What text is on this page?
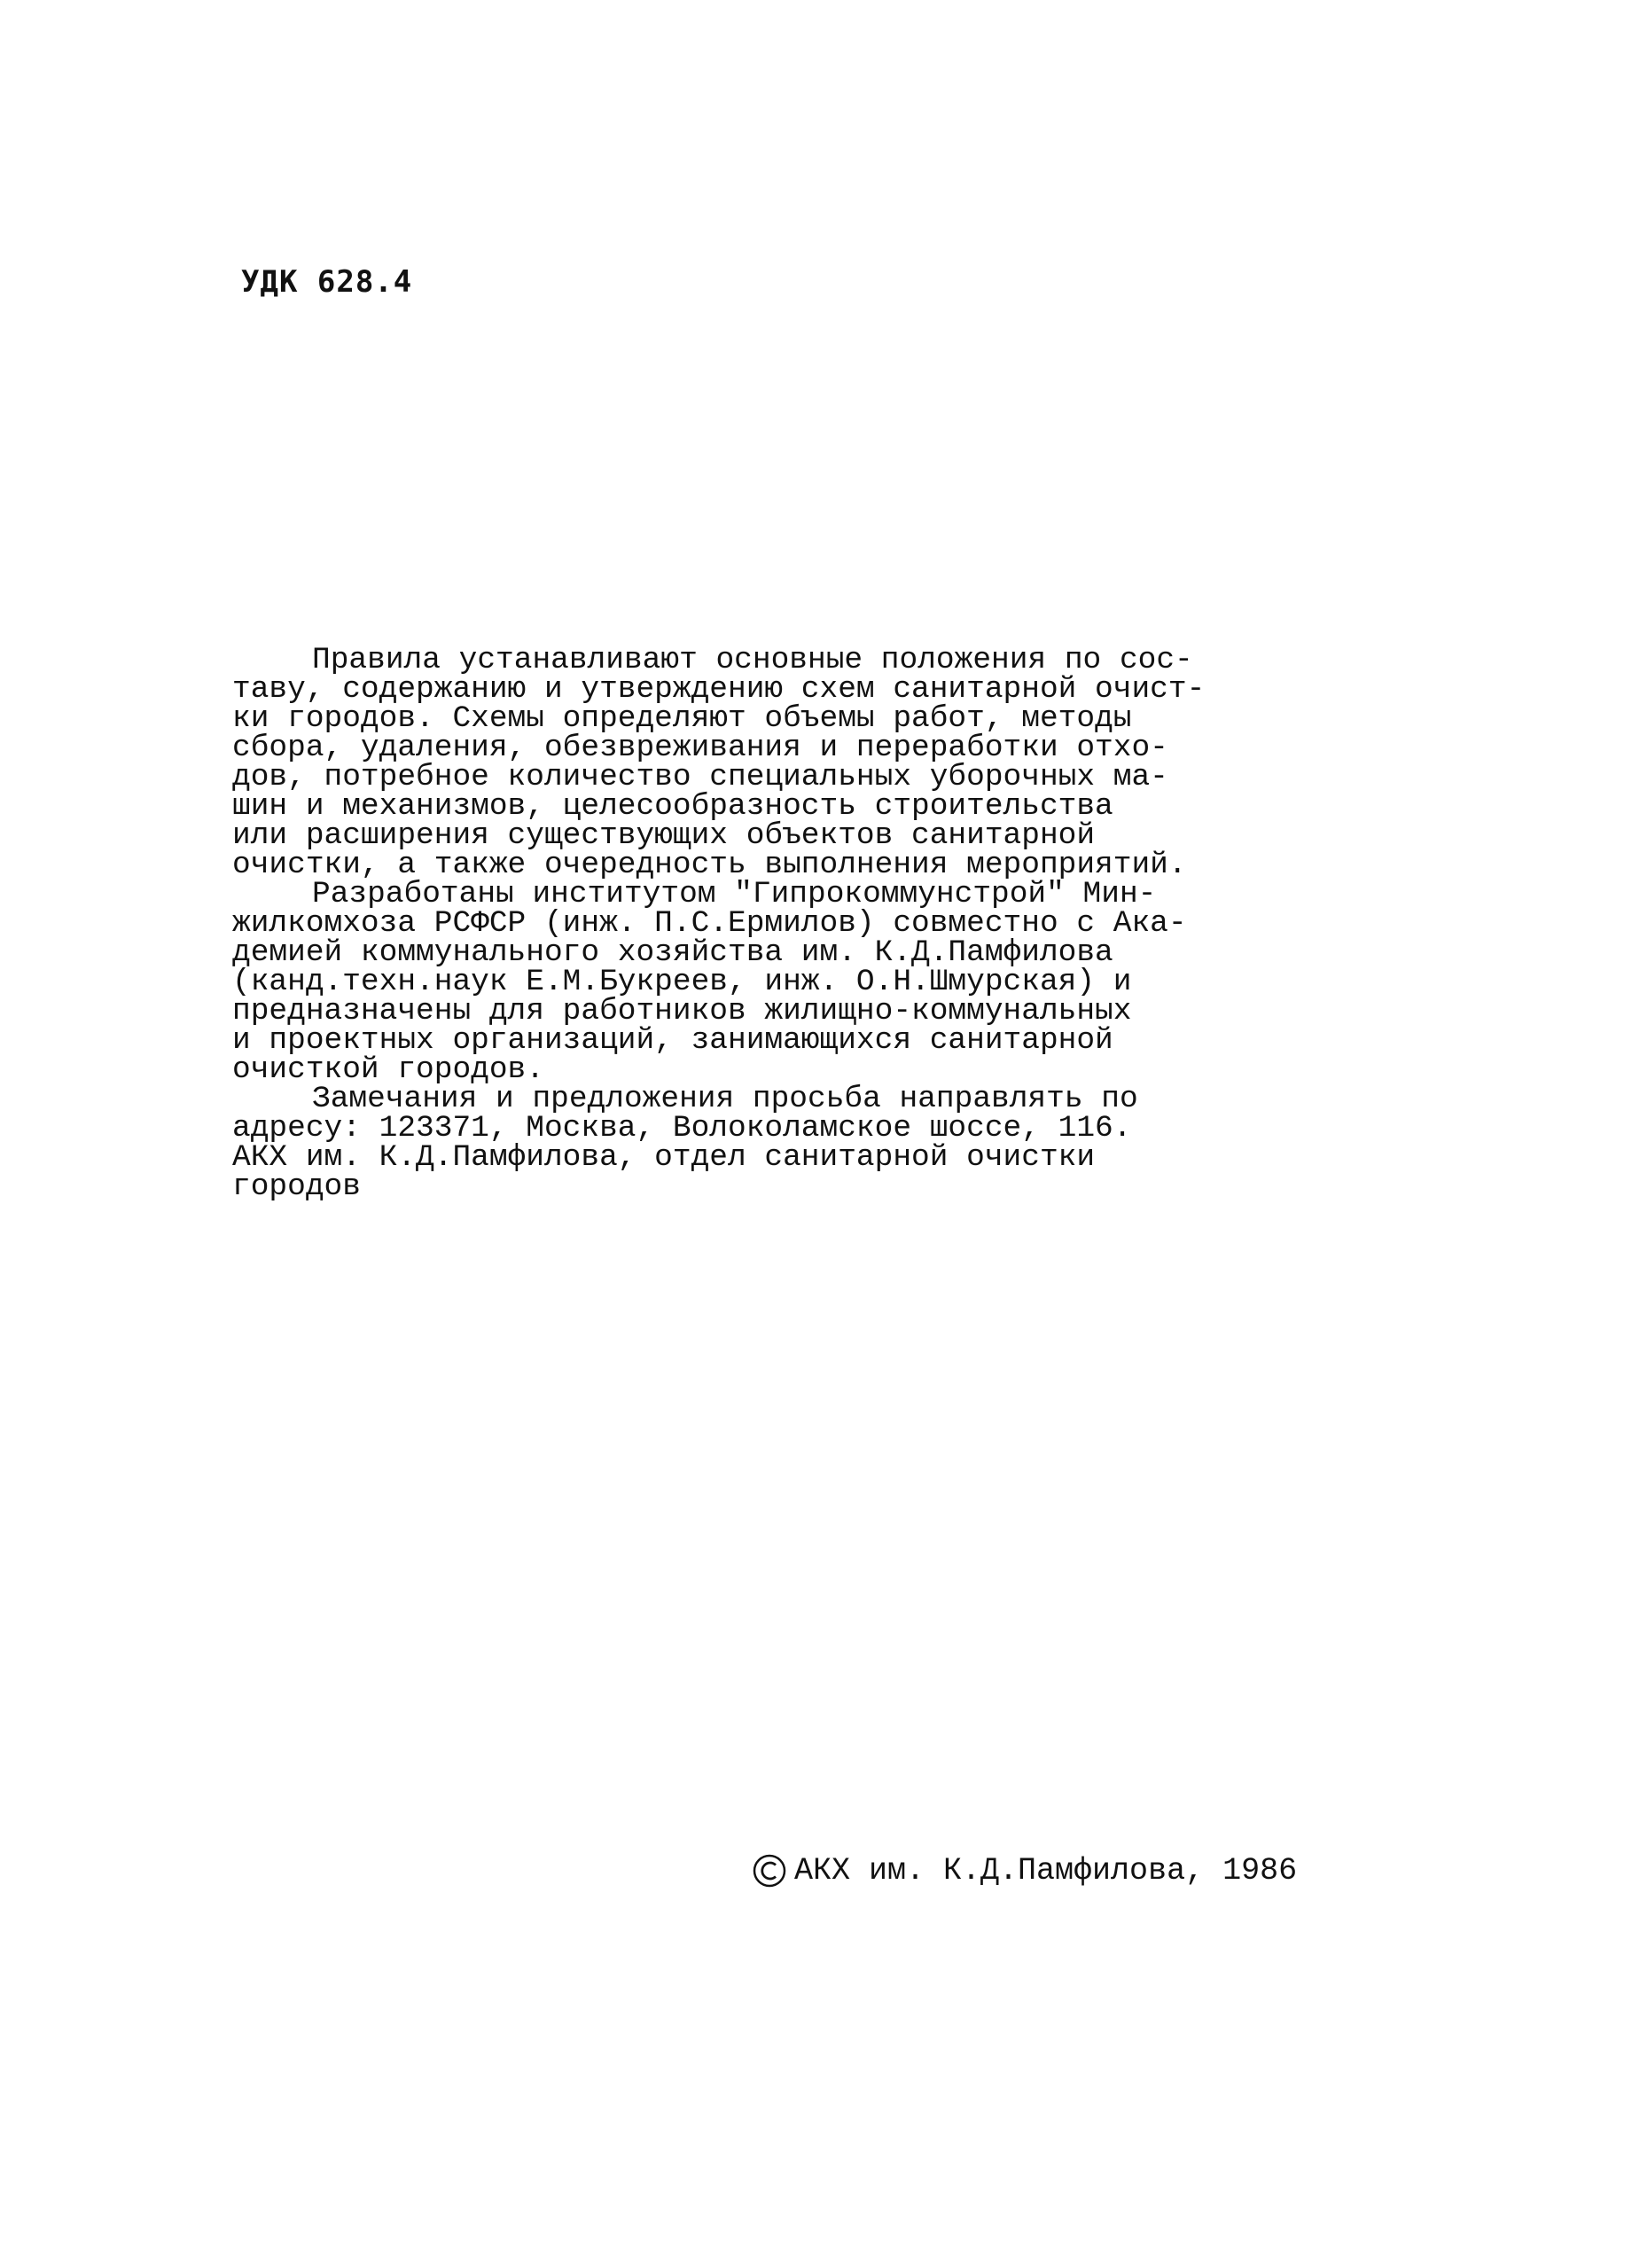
УДК 628.4

Правила устанавливают основные положения по сос-
таву, содержанию и утверждению схем санитарной очист-
ки городов. Схемы определяют объемы работ, методы
сбора, удаления, обезвреживания и переработки отхо-
дов, потребное количество специальных уборочных ма-
шин и механизмов, целесообразность строительства
или расширения существующих объектов санитарной
очистки, а также очередность выполнения мероприятий.

Разработаны институтом "Гипрокоммунстрой" Мин-
жилкомхоза РСФСР (инж. П.С.Ермилов) совместно с Ака-
демией коммунального хозяйства им. К.Д.Памфилова
(канд.техн.наук Е.М.Букреев, инж. О.Н.Шмурская) и
предназначены для работников жилищно-коммунальных
и проектных организаций, занимающихся санитарной
очисткой городов.

Замечания и предложения просьба направлять по
адресу: 123371, Москва, Волоколамское шоссе, 116.
АКХ им. К.Д.Памфилова, отдел санитарной очистки
городов

АКХ им. К.Д.Памфилова, 1986
